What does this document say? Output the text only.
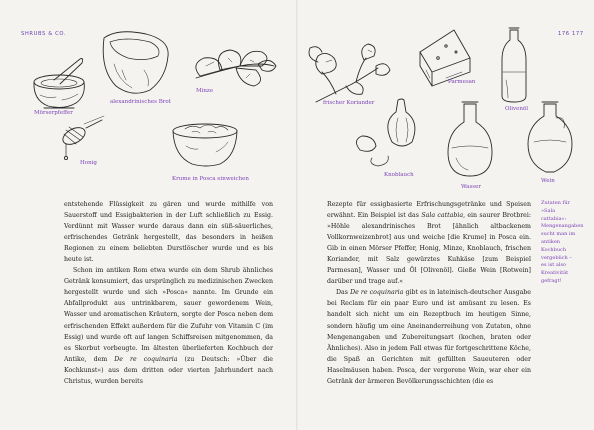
SHRUBS & CO.	176 177
Mörserpfeffer
alexandrinisches Brot
Minze
Honig
Krume in Posca einweichen
frischer Koriander
Parmesan
Olivenöl
Knoblauch
Wasser
Wein

entstehende Flüssigkeit zu gären und wurde mithilfe von Sauerstoff und Essigbakterien in der Luft schließlich zu Essig. Verdünnt mit Wasser wurde daraus dann ein süß-säuerliches, erfrischendes Getränk hergestellt, das besonders in heißen Regionen zu einem beliebten Durstlöscher wurde und es bis heute ist.

Schon im antiken Rom etwa wurde ein dem Shrub ähnliches Getränk konsumiert, das ursprünglich zu medizinischen Zwecken hergestellt wurde und sich »Posca« nannte. Im Grunde ein Abfallprodukt aus untrinkbarem, sauer gewordenem Wein, Wasser und aromatischen Kräutern, sorgte der Posca neben dem erfrischenden Effekt außerdem für die Zufuhr von Vitamin C (im Essig) und wurde oft auf langen Schiffsreisen mitgenommen, da es Skorbut vorbeugte. Im ältesten überlieferten Kochbuch der Antike, dem De re coquinaria (zu Deutsch: »Über die Kochkunst«) aus dem dritten oder vierten Jahrhundert nach Christus, wurden bereits

Rezepte für essigbasierte Erfrischungsgetränke und Speisen erwähnt. Ein Beispiel ist das Sala cattabia, ein saurer Brotbrei: »Höhle alexandrinisches Brot [ähnlich altbackenem Vollkornweizenbrot] aus und weiche [die Krume] in Posca ein. Gib in einen Mörser Pfeffer, Honig, Minze, Knoblauch, frischen Koriander, mit Salz gewürztes Kuhkäse [zum Beispiel Parmesan], Wasser und Öl [Olivenöl]. Gieße Wein [Rotwein] darüber und trage auf.«

Das De re coquinaria gibt es in lateinisch-deutscher Ausgabe bei Reclam für ein paar Euro und ist amüsant zu lesen. Es handelt sich nicht um ein Rezeptbuch im heutigen Sinne, sondern häufig um eine Aneinanderreihung von Zutaten, ohne Mengenangaben und Zubereitungsart (kochen, braten oder Ähnliches). Also in jedem Fall etwas für fortgeschrittene Köche, die Spaß an Gerichten mit gefüllten Saueuteren oder Haselmäusen haben. Posca, der vergorene Wein, war eher ein Getränk der ärmeren Bevölkerungsschichten (die es

Zutaten für »Sala cattabia«: Mengenangaben sucht man im antiken Kochbuch vergeblich – es ist also Kreativität gefragt!
